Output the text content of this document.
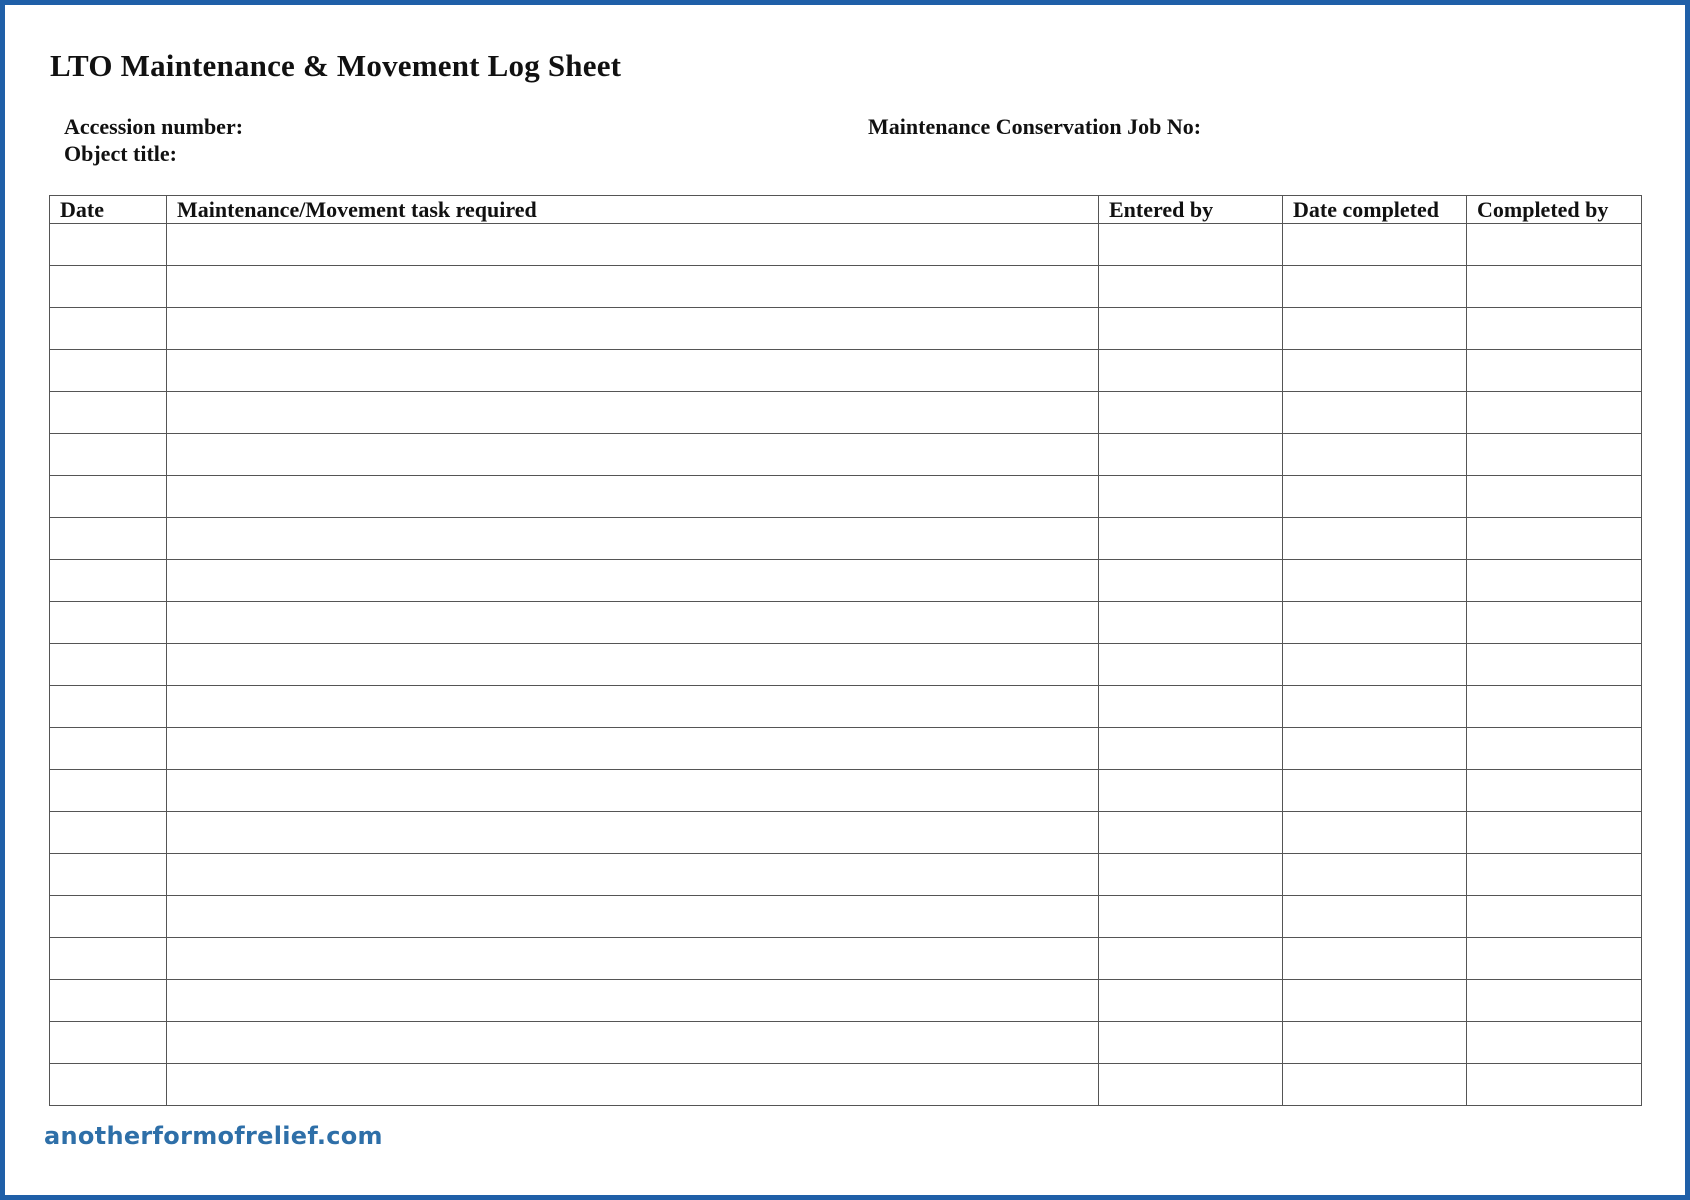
LTO Maintenance & Movement Log Sheet
Accession number:
Object title:
Maintenance Conservation Job No:
Date	Maintenance/Movement task required	Entered by	Date completed	Completed by

anotherformofrelief.com
